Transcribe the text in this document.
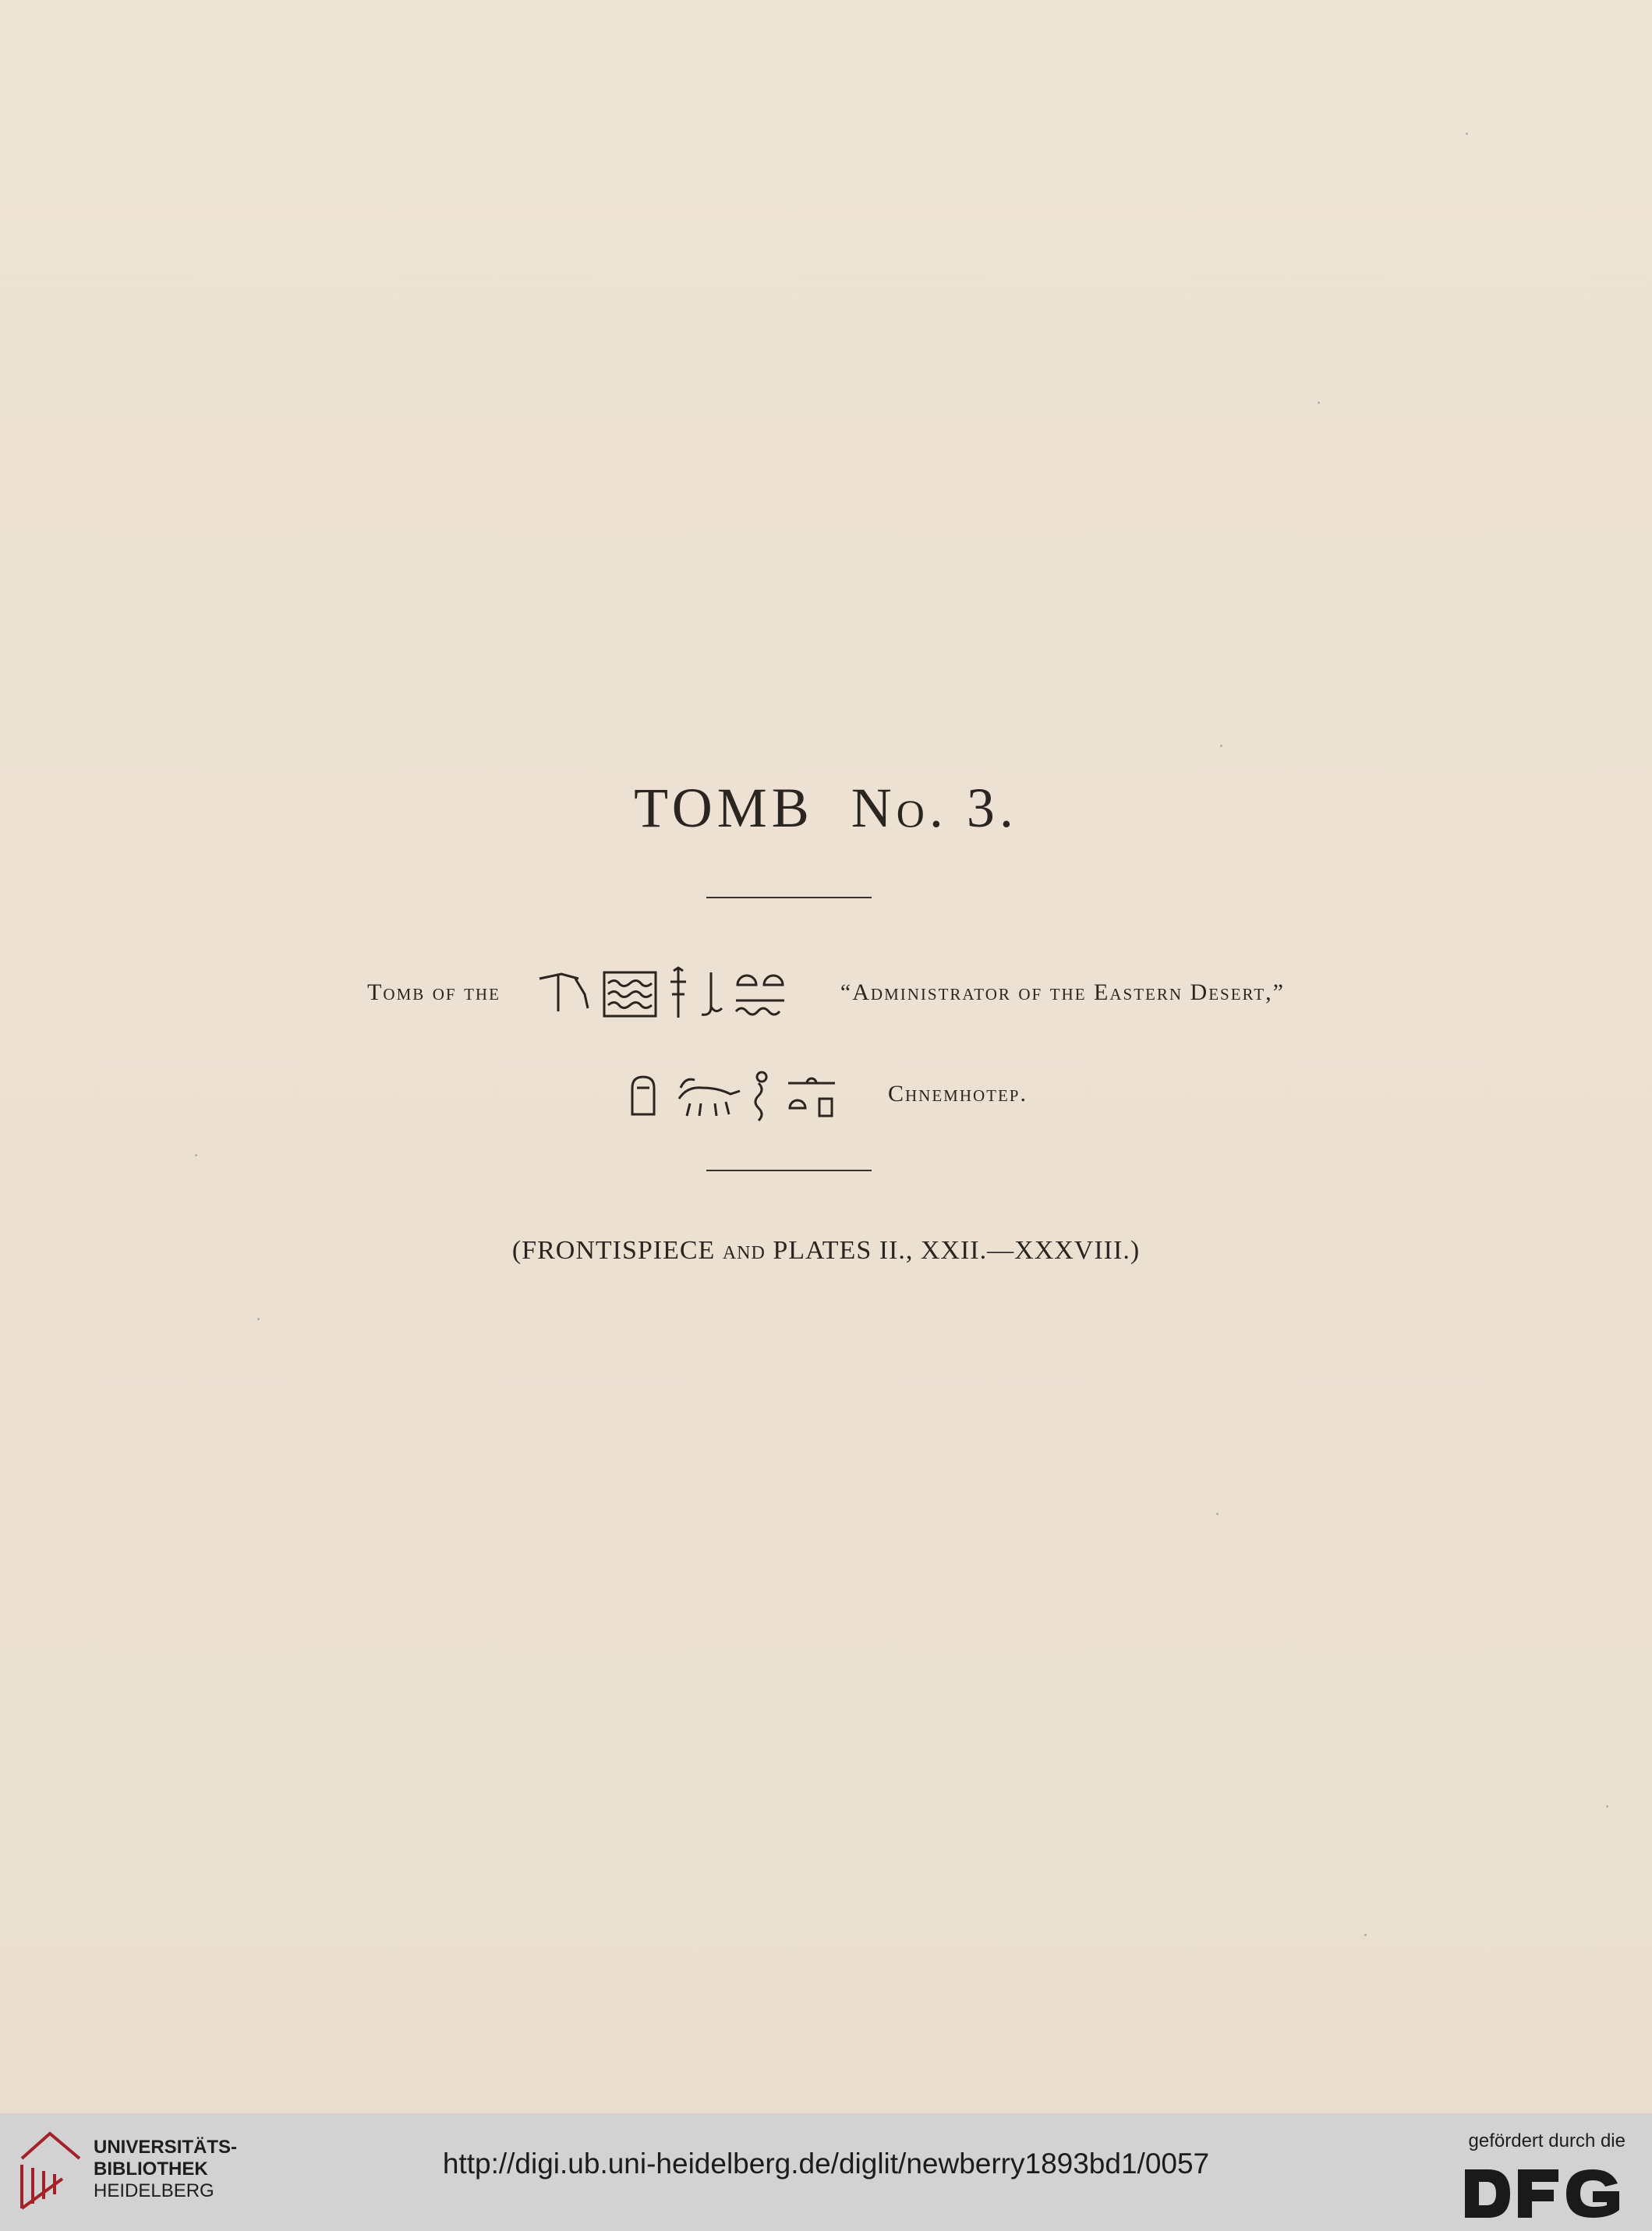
TOMB No. 3.
Tomb of the	“Administrator of the Eastern Desert,”
Chnemhotep.
(FRONTISPIECE and PLATES II., XXII.—XXXVIII.)
UNIVERSITÄTS-
BIBLIOTHEK
HEIDELBERG
http://digi.ub.uni-heidelberg.de/diglit/newberry1893bd1/0057
gefördert durch die
